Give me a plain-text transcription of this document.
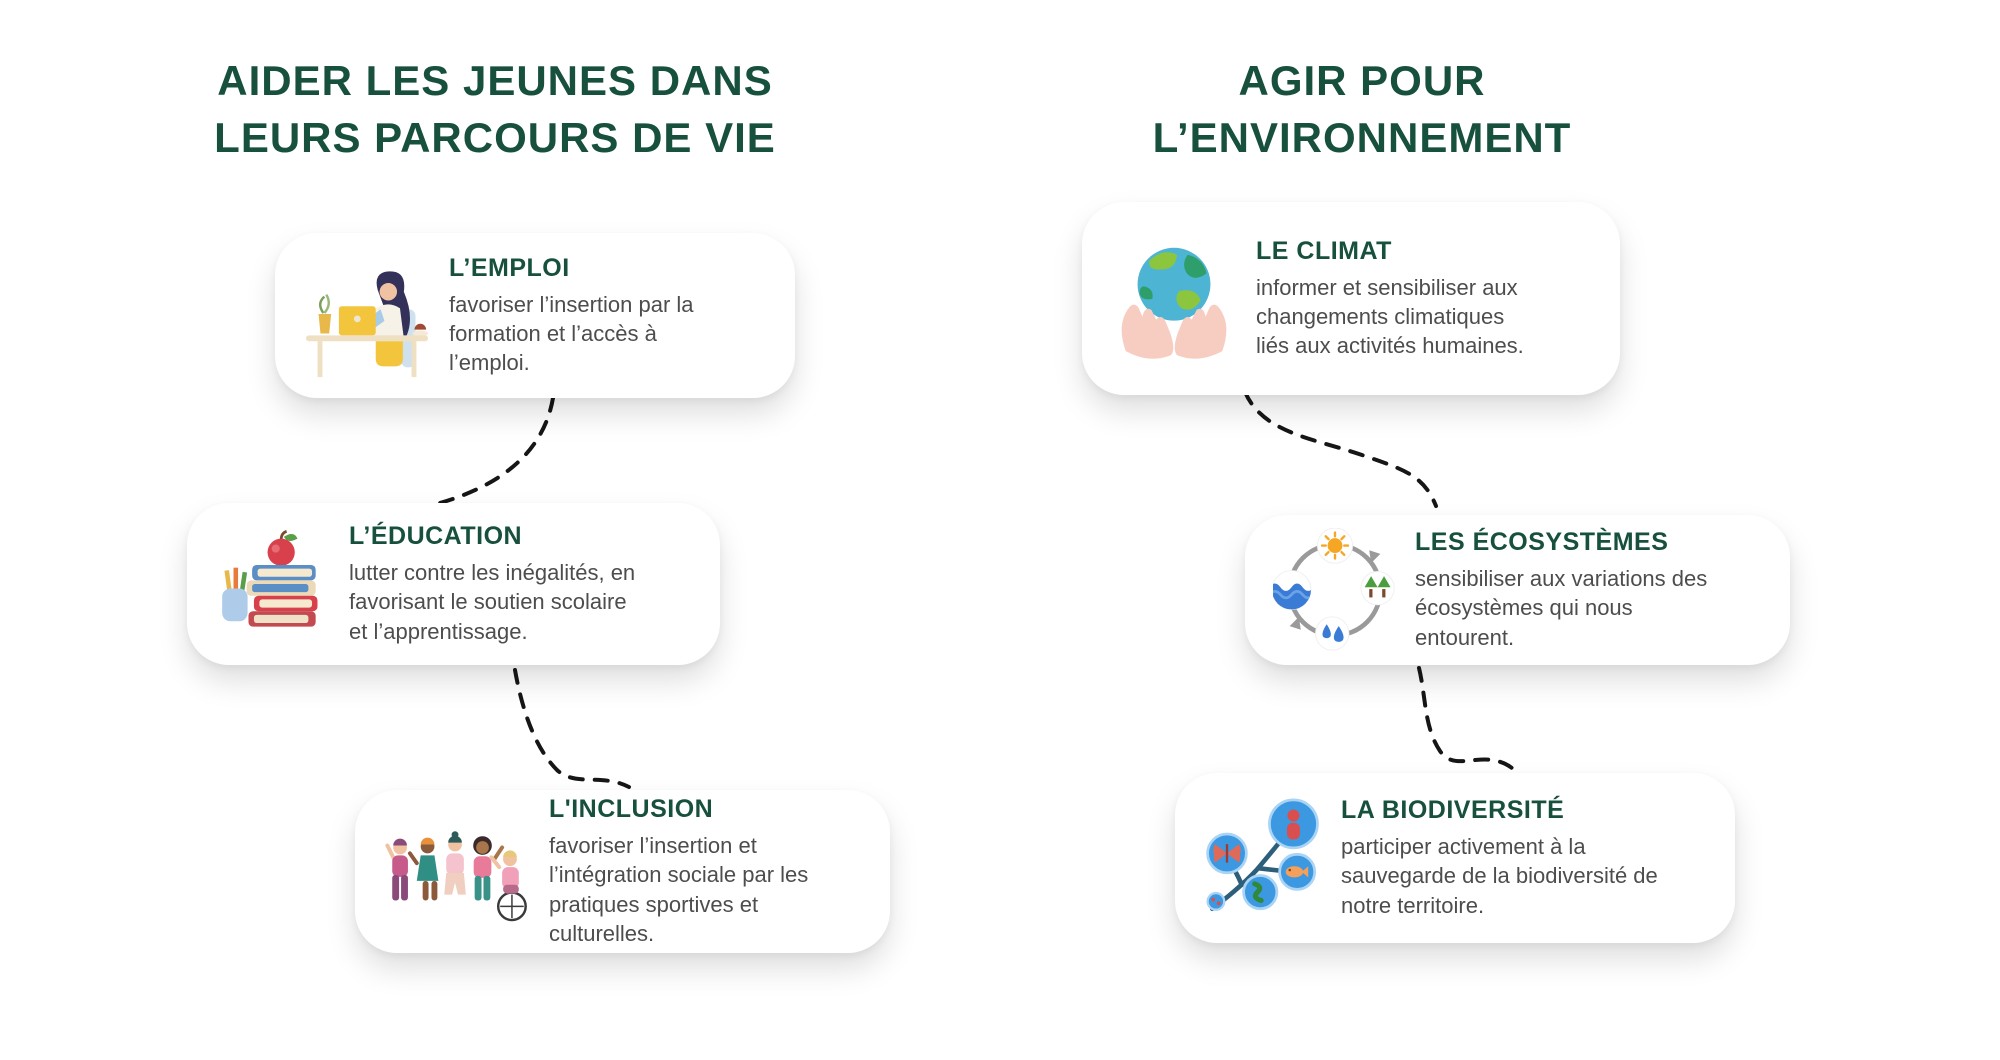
AIDER LES JEUNES DANS
LEURS PARCOURS DE VIE
AGIR POUR
L’ENVIRONNEMENT
L’EMPLOI
favoriser l’insertion par la
formation et l’accès à
l’emploi.
L’ÉDUCATION
lutter contre les inégalités, en
favorisant le soutien scolaire
et l’apprentissage.
L'INCLUSION
favoriser l’insertion et
l’intégration sociale par les
pratiques sportives et
culturelles.
LE CLIMAT
informer et sensibiliser aux
changements climatiques
liés aux activités humaines.
LES ÉCOSYSTÈMES
sensibiliser aux variations des
écosystèmes qui nous
entourent.
LA BIODIVERSITÉ
participer activement à la
sauvegarde de la biodiversité de
notre territoire.
